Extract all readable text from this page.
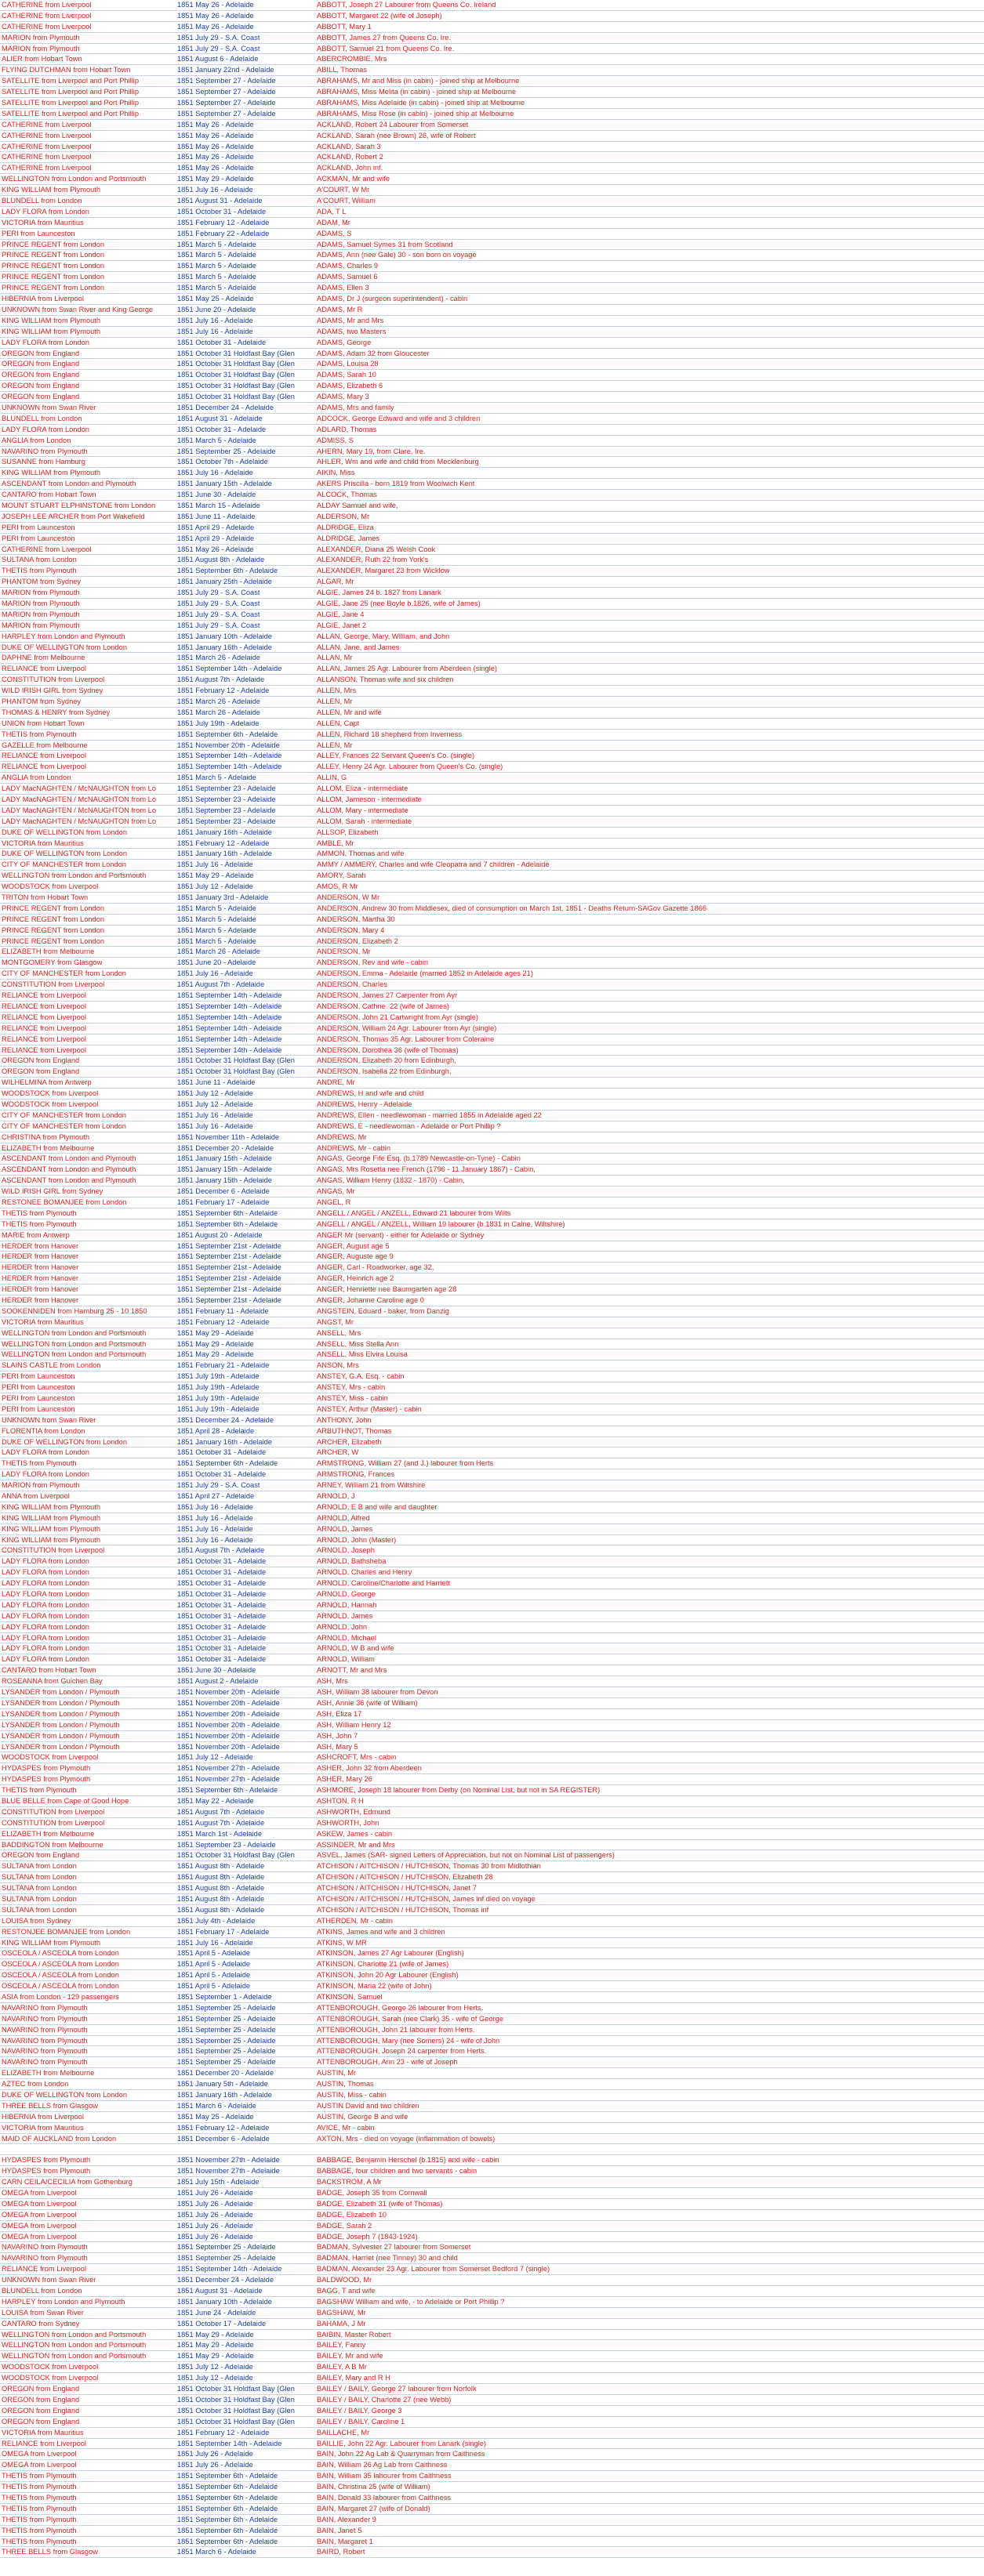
CATHERINE from Liverpool	1851 May 26 - Adelaide	ABBOTT, Joseph 27 Labourer from Queens Co. Ireland
CATHERINE from Liverpool	1851 May 26 - Adelaide	ABBOTT, Margaret 22 (wife of Joseph)
CATHERINE from Liverpool	1851 May 26 - Adelaide	ABBOTT, Mary 1
MARION from Plymouth	1851 July 29 - S.A. Coast	ABBOTT, James 27 from Queens Co. Ire.
MARION from Plymouth	1851 July 29 - S.A. Coast	ABBOTT, Samuel 21 from Queens Co. Ire.
ALIER from Hobart Town	1851 August 6 - Adelaide	ABERCROMBIE, Mrs
FLYING DUTCHMAN from Hobart Town	1851 January 22nd - Adelaide	ABILL, Thomas
SATELLITE from Liverpool and Port Phillip	1851 September 27 - Adelaide	ABRAHAMS, Mr and Miss (in cabin) - joined ship at Melbourne
SATELLITE from Liverpool and Port Phillip	1851 September 27 - Adelaide	ABRAHAMS, Miss Melita (in cabin) - joined ship at Melbourne
SATELLITE from Liverpool and Port Phillip	1851 September 27 - Adelaide	ABRAHAMS, Miss Adelaide (in cabin) - joined ship at Melbourne
SATELLITE from Liverpool and Port Phillip	1851 September 27 - Adelaide	ABRAHAMS, Miss Rose (in cabin) - joined ship at Melbourne
CATHERINE from Liverpool	1851 May 26 - Adelaide	ACKLAND, Robert 24 Labourer from Somerset
CATHERINE from Liverpool	1851 May 26 - Adelaide	ACKLAND, Sarah (nee Brown) 26, wife of Robert
CATHERINE from Liverpool	1851 May 26 - Adelaide	ACKLAND, Sarah 3
CATHERINE from Liverpool	1851 May 26 - Adelaide	ACKLAND, Robert 2
CATHERINE from Liverpool	1851 May 26 - Adelaide	ACKLAND, John inf.
WELLINGTON from London and Portsmouth	1851 May 29 - Adelaide	ACKMAN, Mr and wife
KING WILLIAM from Plymouth	1851 July 16 - Adelaide	A'COURT, W Mr
BLUNDELL from London	1851 August 31 - Adelaide	A'COURT, William
LADY FLORA from London	1851 October 31 - Adelaide	ADA, T L
VICTORIA from Mauritius	1851 February 12 - Adelaide	ADAM, Mr
PERI from Launceston	1851 February 22 - Adelaide	ADAMS, S
PRINCE REGENT from London	1851 March 5 - Adelaide	ADAMS, Samuel Symes 31 from Scotland
PRINCE REGENT from London	1851 March 5 - Adelaide	ADAMS, Ann (nee Gale) 30 - son born on voyage
PRINCE REGENT from London	1851 March 5 - Adelaide	ADAMS, Charles 9
PRINCE REGENT from London	1851 March 5 - Adelaide	ADAMS, Samuel 6
PRINCE REGENT from London	1851 March 5 - Adelaide	ADAMS, Ellen 3
HIBERNIA from Liverpool	1851 May 25 - Adelaide	ADAMS, Dr J (surgeon superintendent) - cabin
UNKNOWN from Swan River and King George	1851 June 20 - Adelaide	ADAMS, Mr R
KING WILLIAM from Plymouth	1851 July 16 - Adelaide	ADAMS, Mr and Mrs
KING WILLIAM from Plymouth	1851 July 16 - Adelaide	ADAMS, two Masters
LADY FLORA from London	1851 October 31 - Adelaide	ADAMS, George
OREGON from England	1851 October 31 Holdfast Bay (Glen	ADAMS, Adam 32 from Gloucester
OREGON from England	1851 October 31 Holdfast Bay (Glen	ADAMS, Louisa 28
OREGON from England	1851 October 31 Holdfast Bay (Glen	ADAMS, Sarah 10
OREGON from England	1851 October 31 Holdfast Bay (Glen	ADAMS, Elizabeth 6
OREGON from England	1851 October 31 Holdfast Bay (Glen	ADAMS, Mary 3
UNKNOWN from Swan River	1851 December 24 - Adelaide	ADAMS, Mrs and family
BLUNDELL from London	1851 August 31 - Adelaide	ADCOCK, George Edward and wife and 3 children
LADY FLORA from London	1851 October 31 - Adelaide	ADLARD, Thomas
ANGLIA from London	1851 March 5 - Adelaide	ADMISS, S
NAVARINO from Plymouth	1851 September 25 - Adelaide	AHERN, Mary 19, from Clare, Ire.
SUSANNE from Hamburg	1851 October 7th - Adelaide	AHLER, Wm and wife and child from Mecklenburg
KING WILLIAM from Plymouth	1851 July 16 - Adelaide	AIKIN, Miss
ASCENDANT from London and Plymouth	1851 January 15th - Adelaide	AKERS Priscilla - born 1819 from Woolwich Kent
CANTARO from Hobart Town	1851 June 30 - Adelaide	ALCOCK, Thomas
MOUNT STUART ELPHINSTONE from London	1851 March 15 - Adelaide	ALDAY Samuel and wife,
JOSEPH LEE ARCHER from Port Wakefield	1851 June 11 - Adelaide	ALDERSON, Mr
PERI from Launceston	1851 April 29 - Adelaide	ALDRIDGE, Eliza
PERI from Launceston	1851 April 29 - Adelaide	ALDRIDGE, James
CATHERINE from Liverpool	1851 May 26 - Adelaide	ALEXANDER, Diana 25 Welsh Cook
SULTANA from London	1851 August 8th - Adelaide	ALEXANDER, Ruth 22 from York's
THETIS from Plymouth	1851 September 6th - Adelaide	ALEXANDER, Margaret 23 from Wicklow
PHANTOM from Sydney	1851 January 25th - Adelaide	ALGAR, Mr
MARION from Plymouth	1851 July 29 - S.A. Coast	ALGIE, James 24 b. 1827 from Lanark
MARION from Plymouth	1851 July 29 - S.A. Coast	ALGIE, Jane 25 (nee Boyle b.1826, wife of James)
MARION from Plymouth	1851 July 29 - S.A. Coast	ALGIE, Jane 4
MARION from Plymouth	1851 July 29 - S.A. Coast	ALGIE, Janet 2
HARPLEY from London and Plymouth	1851 January 10th - Adelaide	ALLAN, George, Mary, William, and John
DUKE OF WELLINGTON from London	1851 January 16th - Adelaide	ALLAN, Jane, and James
DAPHNE from Melbourne	1851 March 26 - Adelaide	ALLAN, Mr
RELIANCE from Liverpool	1851 September 14th - Adelaide	ALLAN, James 25 Agr. Labourer from Aberdeen (single)
CONSTITUTION from Liverpool	1851 August 7th - Adelaide	ALLANSON, Thomas wife and six children
WILD IRISH GIRL from Sydney	1851 February 12 - Adelaide	ALLEN, Mrs
PHANTOM from Sydney	1851 March 26 - Adelaide	ALLEN, Mr
THOMAS & HENRY from Sydney	1851 March 26 - Adelaide	ALLEN, Mr and wife
UNION from Hobart Town	1851 July 19th - Adelaide	ALLEN, Capt
THETIS from Plymouth	1851 September 6th - Adelaide	ALLEN, Richard 18 shepherd from Inverness
GAZELLE from Melbourne	1851 November 20th - Adelaide	ALLEN, Mr
RELIANCE from Liverpool	1851 September 14th - Adelaide	ALLEY, Frances 22 Servant Queen's Co. (single)
RELIANCE from Liverpool	1851 September 14th - Adelaide	ALLEY, Henry 24 Agr. Labourer from Queen's Co. (single)
ANGLIA from London	1851 March 5 - Adelaide	ALLIN, G
LADY MacNAGHTEN / McNAUGHTON from Lo	1851 September 23 - Adelaide	ALLOM, Eliza - intermediate
LADY MacNAGHTEN / McNAUGHTON from Lo	1851 September 23 - Adelaide	ALLOM, Jameson - intermediate
LADY MacNAGHTEN / McNAUGHTON from Lo	1851 September 23 - Adelaide	ALLOM, Mary - intermediate
LADY MacNAGHTEN / McNAUGHTON from Lo	1851 September 23 - Adelaide	ALLOM, Sarah - intermediate
DUKE OF WELLINGTON from London	1851 January 16th - Adelaide	ALLSOP, Elizabeth
VICTORIA from Mauritius	1851 February 12 - Adelaide	AMBLE, Mr
DUKE OF WELLINGTON from London	1851 January 16th - Adelaide	AMMON, Thomas and wife
CITY OF MANCHESTER from London	1851 July 16 - Adelaide	AMMY / AMMERY, Charles and wife Cleopatra and 7 children - Adelaide
WELLINGTON from London and Portsmouth	1851 May 29 - Adelaide	AMORY, Sarah
WOODSTOCK from Liverpool	1851 July 12 - Adelaide	AMOS, R Mr
TRITON from Hobart Town	1851 January 3rd - Adelaide	ANDERSON, W Mr
PRINCE REGENT from London	1851 March 5 - Adelaide	ANDERSON, Andrew 30 from Middlesex, died of consumption on March 1st. 1851 - Deaths Return-SAGov Gazette 1866
PRINCE REGENT from London	1851 March 5 - Adelaide	ANDERSON, Martha 30
PRINCE REGENT from London	1851 March 5 - Adelaide	ANDERSON, Mary 4
PRINCE REGENT from London	1851 March 5 - Adelaide	ANDERSON, Elizabeth 2
ELIZABETH from Melbourne	1851 March 26 - Adelaide	ANDERSON, Mr
MONTGOMERY from Glasgow	1851 June 20 - Adelaide	ANDERSON, Rev and wife - cabin
CITY OF MANCHESTER from London	1851 July 16 - Adelaide	ANDERSON, Emma - Adelaide (married 1852 in Adelaide ages 21)
CONSTITUTION from Liverpool	1851 August 7th - Adelaide	ANDERSON, Charles
RELIANCE from Liverpool	1851 September 14th - Adelaide	ANDERSON, James 27 Carpenter from Ayr
RELIANCE from Liverpool	1851 September 14th - Adelaide	ANDERSON, Cathne. 22 (wife of James)
RELIANCE from Liverpool	1851 September 14th - Adelaide	ANDERSON, John 21 Cartwright from Ayr (single)
RELIANCE from Liverpool	1851 September 14th - Adelaide	ANDERSON, William 24 Agr. Labourer from Ayr (single)
RELIANCE from Liverpool	1851 September 14th - Adelaide	ANDERSON, Thomas 35 Agr. Labourer from Coleraine
RELIANCE from Liverpool	1851 September 14th - Adelaide	ANDERSON, Dorothea 36 (wife of Thomas)
OREGON from England	1851 October 31 Holdfast Bay (Glen	ANDERSON, Elizabeth 20 from Edinburgh,
OREGON from England	1851 October 31 Holdfast Bay (Glen	ANDERSON, Isabella 22 from Edinburgh,
WILHELMINA from Antwerp	1851 June 11 - Adelaide	ANDRE, Mr
WOODSTOCK from Liverpool	1851 July 12 - Adelaide	ANDREWS, H and wife and child
WOODSTOCK from Liverpool	1851 July 12 - Adelaide	ANDREWS, Henry - Adelaide
CITY OF MANCHESTER from London	1851 July 16 - Adelaide	ANDREWS, Ellen - needlewoman - married 1855 in Adelaide aged 22
CITY OF MANCHESTER from London	1851 July 16 - Adelaide	ANDREWS, E - needlewoman - Adelaide or Port Phillip ?
CHRISTINA from Plymouth	1851 November 11th - Adelaide	ANDREWS, Mr
ELIZABETH from Melbourne	1851 December 20 - Adelaide	ANDREWS, Mr - cabin
ASCENDANT from London and Plymouth	1851 January 15th - Adelaide	ANGAS, George Fife Esq. (b.1789 Newcastle-on-Tyne) - Cabin
ASCENDANT from London and Plymouth	1851 January 15th - Adelaide	ANGAS, Mrs Rosetta nee French (1796 - 11 January 1867) - Cabin,
ASCENDANT from London and Plymouth	1851 January 15th - Adelaide	ANGAS, William Henry (1832 - 1870) - Cabin,
WILD IRISH GIRL from Sydney	1851 December 6 - Adelaide	ANGAS, Mr
RESTONEE BOMANJEE from London	1851 February 17 - Adelaide	ANGEL, R
THETIS from Plymouth	1851 September 6th - Adelaide	ANGELL / ANGEL / ANZELL, Edward 21 labourer from Wilts
THETIS from Plymouth	1851 September 6th - Adelaide	ANGELL / ANGEL / ANZELL, William 19 labourer (b.1831 in Calne, Wiltshire)
MARIE from Antwerp	1851 August 20 - Adelaide	ANGER Mr (servant) - either for Adelaide or Sydney
HERDER from Hanover	1851 September 21st - Adelaide	ANGER, August age 5
HERDER from Hanover	1851 September 21st - Adelaide	ANGER, Auguste age 9
HERDER from Hanover	1851 September 21st - Adelaide	ANGER, Carl - Roadworker, age 32,
HERDER from Hanover	1851 September 21st - Adelaide	ANGER, Heinrich age 2
HERDER from Hanover	1851 September 21st - Adelaide	ANGER, Henriette nee Baumgarten age 28
HERDER from Hanover	1851 September 21st - Adelaide	ANGER, Johanne Caroline age 0
SOOKENNIDEN from Hamburg 25 - 10 1850	1851 February 11 - Adelaide	ANGSTEIN, Eduard - baker, from Danzig
VICTORIA from Mauritius	1851 February 12 - Adelaide	ANGST, Mr
WELLINGTON from London and Portsmouth	1851 May 29 - Adelaide	ANSELL, Mrs
WELLINGTON from London and Portsmouth	1851 May 29 - Adelaide	ANSELL, Miss Stella Ann
WELLINGTON from London and Portsmouth	1851 May 29 - Adelaide	ANSELL, Miss Elvira Louisa
SLAINS CASTLE from London	1851 February 21 - Adelaide	ANSON, Mrs
PERI from Launceston	1851 July 19th - Adelaide	ANSTEY, G.A. Esq. - cabin
PERI from Launceston	1851 July 19th - Adelaide	ANSTEY, Mrs - cabin
PERI from Launceston	1851 July 19th - Adelaide	ANSTEY, Miss - cabin
PERI from Launceston	1851 July 19th - Adelaide	ANSTEY, Arthur (Master) - cabin
UNKNOWN from Swan River	1851 December 24 - Adelaide	ANTHONY, John
FLORENTIA from London	1851 April 28 - Adelaide	ARBUTHNOT, Thomas
DUKE OF WELLINGTON from London	1851 January 16th - Adelaide	ARCHER, Elizabeth
LADY FLORA from London	1851 October 31 - Adelaide	ARCHER, W
THETIS from Plymouth	1851 September 6th - Adelaide	ARMSTRONG, William 27 (and J.) labourer from Herts
LADY FLORA from London	1851 October 31 - Adelaide	ARMSTRONG, Frances
MARION from Plymouth	1851 July 29 - S.A. Coast	ARNEY, William 21 from Wiltshire
ANNA from Liverpool	1851 April 27 - Adelaide	ARNOLD, J
KING WILLIAM from Plymouth	1851 July 16 - Adelaide	ARNOLD, E B and wife and daughter
KING WILLIAM from Plymouth	1851 July 16 - Adelaide	ARNOLD, Alfred
KING WILLIAM from Plymouth	1851 July 16 - Adelaide	ARNOLD, James
KING WILLIAM from Plymouth	1851 July 16 - Adelaide	ARNOLD, John (Master)
CONSTITUTION from Liverpool	1851 August 7th - Adelaide	ARNOLD, Joseph
LADY FLORA from London	1851 October 31 - Adelaide	ARNOLD, Bathsheba
LADY FLORA from London	1851 October 31 - Adelaide	ARNOLD, Charles and Henry
LADY FLORA from London	1851 October 31 - Adelaide	ARNOLD, Caroline/Charlotte and Harriett
LADY FLORA from London	1851 October 31 - Adelaide	ARNOLD, George
LADY FLORA from London	1851 October 31 - Adelaide	ARNOLD, Hannah
LADY FLORA from London	1851 October 31 - Adelaide	ARNOLD, James
LADY FLORA from London	1851 October 31 - Adelaide	ARNOLD, John
LADY FLORA from London	1851 October 31 - Adelaide	ARNOLD, Michael
LADY FLORA from London	1851 October 31 - Adelaide	ARNOLD, W B and wife
LADY FLORA from London	1851 October 31 - Adelaide	ARNOLD, William
CANTARO from Hobart Town	1851 June 30 - Adelaide	ARNOTT, Mr and Mrs
ROSEANNA from Guichen Bay	1851 August 2 - Adelaide	ASH, Mrs
LYSANDER from London / Plymouth	1851 November 20th - Adelaide	ASH, William 38 labourer from Devon
LYSANDER from London / Plymouth	1851 November 20th - Adelaide	ASH, Annie 36 (wife of William)
LYSANDER from London / Plymouth	1851 November 20th - Adelaide	ASH, Eliza 17
LYSANDER from London / Plymouth	1851 November 20th - Adelaide	ASH, William Henry 12
LYSANDER from London / Plymouth	1851 November 20th - Adelaide	ASH, John 7
LYSANDER from London / Plymouth	1851 November 20th - Adelaide	ASH, Mary 5
WOODSTOCK from Liverpool	1851 July 12 - Adelaide	ASHCROFT, Mrs - cabin
HYDASPES from Plymouth	1851 November 27th - Adelaide	ASHER, John 32 from Aberdeen
HYDASPES from Plymouth	1851 November 27th - Adelaide	ASHER, Mary 26
THETIS from Plymouth	1851 September 6th - Adelaide	ASHMORE, Joseph 18 labourer from Derby (on Nominal List, but not in SA REGISTER)
BLUE BELLE from Cape of Good Hope	1851 May 22 - Adelaide	ASHTON, R H
CONSTITUTION from Liverpool	1851 August 7th - Adelaide	ASHWORTH, Edmund
CONSTITUTION from Liverpool	1851 August 7th - Adelaide	ASHWORTH, John
ELIZABETH from Melbourne	1851 March 1st - Adelaide	ASKEW, James - cabin
BADDINGTON from Melbourne	1851 September 23 - Adelaide	ASSINDER, Mr and Mrs
OREGON from England	1851 October 31 Holdfast Bay (Glen	ASVEL, James (SAR- signed Letters of Appreciation, but not on Nominal List of passengers)
SULTANA from London	1851 August 8th - Adelaide	ATCHISON / AITCHISON / HUTCHISON, Thomas 30 from Midlothian
SULTANA from London	1851 August 8th - Adelaide	ATCHISON / AITCHISON / HUTCHISON, Elizabeth 28
SULTANA from London	1851 August 8th - Adelaide	ATCHISON / AITCHISON / HUTCHISON, Janet 7
SULTANA from London	1851 August 8th - Adelaide	ATCHISON / AITCHISON / HUTCHISON, James inf died on voyage
SULTANA from London	1851 August 8th - Adelaide	ATCHISON / AITCHISON / HUTCHISON, Thomas inf
LOUISA from Sydney	1851 July 4th - Adelaide	ATHERDEN, Mr - cabin
RESTONJEE BOMANJEE from London	1851 February 17 - Adelaide	ATKINS, James and wife and 3 children
KING WILLIAM from Plymouth	1851 July 16 - Adelaide	ATKINS, W MR
OSCEOLA / ASCEOLA from London	1851 April 5 - Adelaide	ATKINSON, James 27 Agr Labourer (English)
OSCEOLA / ASCEOLA from London	1851 April 5 - Adelaide	ATKINSON, Charlotte 21 (wife of James)
OSCEOLA / ASCEOLA from London	1851 April 5 - Adelaide	ATKINSON, John 20 Agr Labourer (English)
OSCEOLA / ASCEOLA from London	1851 April 5 - Adelaide	ATKINSON, Maria 22 (wife of John)
ASIA from London - 129 passengers	1851 September 1 - Adelaide	ATKINSON, Samuel
NAVARINO from Plymouth	1851 September 25 - Adelaide	ATTENBOROUGH, George 26 labourer from Herts.
NAVARINO from Plymouth	1851 September 25 - Adelaide	ATTENBOROUGH, Sarah (nee Clark) 35 - wife of George
NAVARINO from Plymouth	1851 September 25 - Adelaide	ATTENBOROUGH, John 21 labourer from Herts.
NAVARINO from Plymouth	1851 September 25 - Adelaide	ATTENBOROUGH, Mary (nee Somers) 24 - wife of John
NAVARINO from Plymouth	1851 September 25 - Adelaide	ATTENBOROUGH, Joseph 24 carpenter from Herts.
NAVARINO from Plymouth	1851 September 25 - Adelaide	ATTENBOROUGH, Ann 23 - wife of Joseph
ELIZABETH from Melbourne	1851 December 20 - Adelaide	AUSTIN, Mr
AZTEC from London	1851 January 5th - Adelaide	AUSTIN, Thomas
DUKE OF WELLINGTON from London	1851 January 16th - Adelaide	AUSTIN, Miss - cabin
THREE BELLS from Glasgow	1851 March 6 - Adelaide	AUSTIN David and two children
HIBERNIA from Liverpool	1851 May 25 - Adelaide	AUSTIN, George B and wife
VICTORIA from Mauritius	1851 February 12 - Adelaide	AVICE, Mr - cabin
MAID OF AUCKLAND from London	1851 December 6 - Adelaide	AXTON, Mrs - died on voyage (inflammation of bowels)
HYDASPES from Plymouth	1851 November 27th - Adelaide	BABBAGE, Benjamin Herschel (b.1815) and wife - cabin
HYDASPES from Plymouth	1851 November 27th - Adelaide	BABBAGE, four children and two servants - cabin
CARN CEILA/CECILIA from Gothenburg	1851 July 15th - Adelaide	BACKSTROM, A Mr
OMEGA from Liverpool	1851 July 26 - Adelaide	BADGE, Joseph 35 from Cornwall
OMEGA from Liverpool	1851 July 26 - Adelaide	BADGE, Elizabeth 31 (wife of Thomas)
OMEGA from Liverpool	1851 July 26 - Adelaide	BADGE, Elizabeth 10
OMEGA from Liverpool	1851 July 26 - Adelaide	BADGE, Sarah 2
OMEGA from Liverpool	1851 July 26 - Adelaide	BADGE, Joseph 7 (1843-1924)
NAVARINO from Plymouth	1851 September 25 - Adelaide	BADMAN, Sylvester 27 labourer from Somerset
NAVARINO from Plymouth	1851 September 25 - Adelaide	BADMAN, Harriet (nee Tinney) 30 and child
RELIANCE from Liverpool	1851 September 14th - Adelaide	BADMAN, Alexander 23 Agr. Labourer from Somerset Bedford 7 (single)
UNKNOWN from Swan River	1851 December 24 - Adelaide	BALDWOOD, Mr
BLUNDELL from London	1851 August 31 - Adelaide	BAGG, T and wife
HARPLEY from London and Plymouth	1851 January 10th - Adelaide	BAGSHAW William and wife, - to Adelaide or Port Phillip ?
LOUISA from Swan River	1851 June 24 - Adelaide	BAGSHAW, Mr
CANTARO from Sydney	1851 October 17 - Adelaide	BAHAMA, J Mr
WELLINGTON from London and Portsmouth	1851 May 29 - Adelaide	BAIBIN, Master Robert
WELLINGTON from London and Portsmouth	1851 May 29 - Adelaide	BAILEY, Fanny
WELLINGTON from London and Portsmouth	1851 May 29 - Adelaide	BAILEY, Mr and wife
WOODSTOCK from Liverpool	1851 July 12 - Adelaide	BAILEY, A B Mr
WOODSTOCK from Liverpool	1851 July 12 - Adelaide	BAILEY, Mary and R H
OREGON from England	1851 October 31 Holdfast Bay (Glen	BAILEY / BAILY, George 27 labourer from Norfolk
OREGON from England	1851 October 31 Holdfast Bay (Glen	BAILEY / BAILY, Charlotte 27 (nee Webb)
OREGON from England	1851 October 31 Holdfast Bay (Glen	BAILEY / BAILY, George 3
OREGON from England	1851 October 31 Holdfast Bay (Glen	BAILEY / BAILY, Caroline 1
VICTORIA from Mauritius	1851 February 12 - Adelaide	BAILLACHE, Mr
RELIANCE from Liverpool	1851 September 14th - Adelaide	BAILLIE, John 22 Agr. Labourer from Lanark (single)
OMEGA from Liverpool	1851 July 26 - Adelaide	BAIN, John 22 Ag Lab & Quarryman from Caithness
OMEGA from Liverpool	1851 July 26 - Adelaide	BAIN, William 26 Ag Lab from Caithness
THETIS from Plymouth	1851 September 6th - Adelaide	BAIN, William 35 labourer from Caithness
THETIS from Plymouth	1851 September 6th - Adelaide	BAIN, Christina 25 (wife of William)
THETIS from Plymouth	1851 September 6th - Adelaide	BAIN, Donald 33 labourer from Caithness
THETIS from Plymouth	1851 September 6th - Adelaide	BAIN, Margaret 27 (wife of Donald)
THETIS from Plymouth	1851 September 6th - Adelaide	BAIN, Alexander 9
THETIS from Plymouth	1851 September 6th - Adelaide	BAIN, Janet 5
THETIS from Plymouth	1851 September 6th - Adelaide	BAIN, Margaret 1
THREE BELLS from Glasgow	1851 March 6 - Adelaide	BAIRD, Robert
